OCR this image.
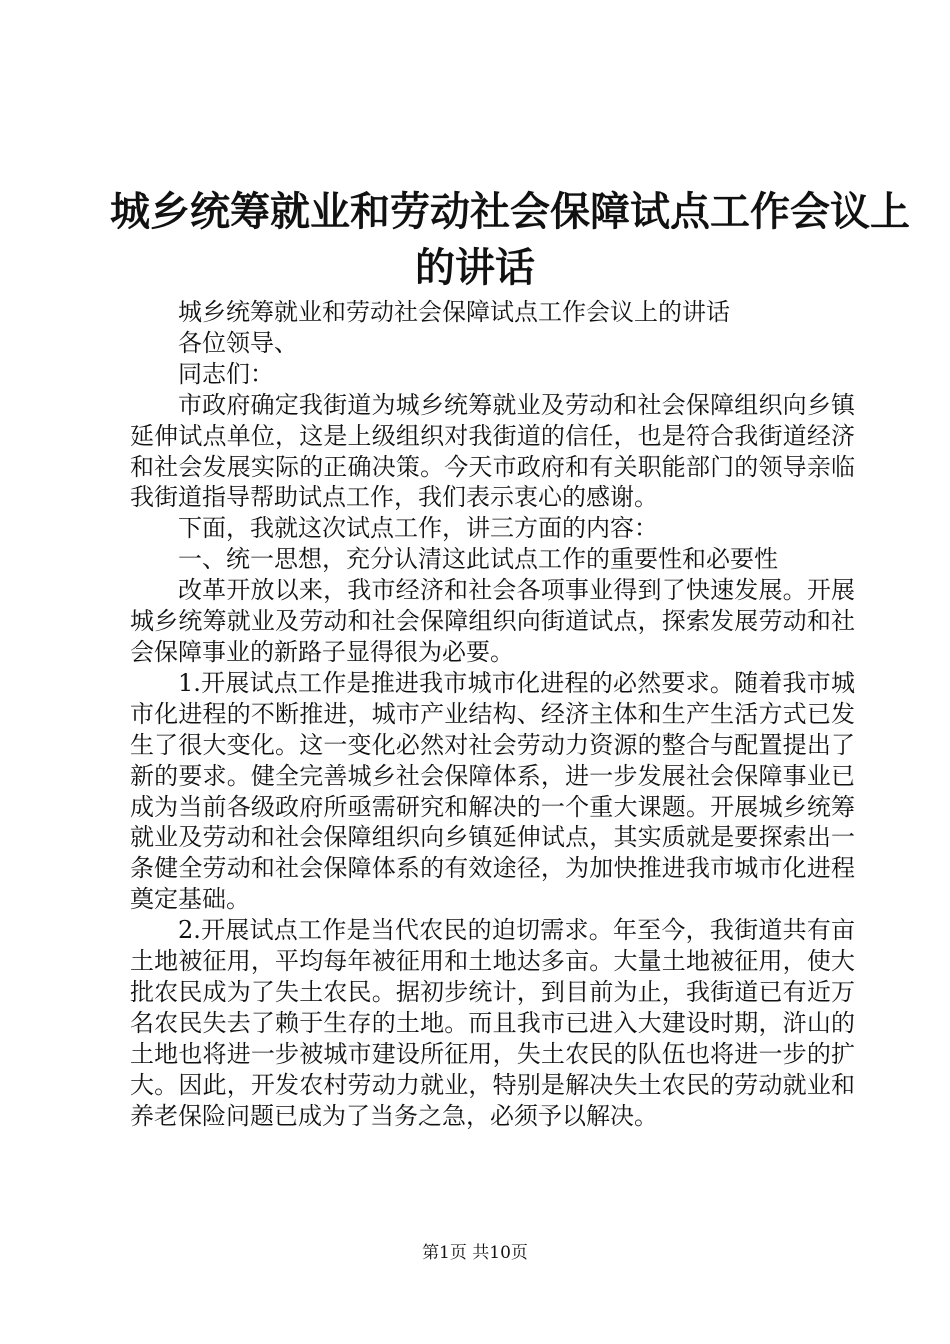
城乡统筹就业和劳动社会保障试点工作会议上
的讲话

城乡统筹就业和劳动社会保障试点工作会议上的讲话

各位领导、

同志们：

市政府确定我街道为城乡统筹就业及劳动和社会保障组织向乡镇延伸试点单位，这是上级组织对我街道的信任，也是符合我街道经济和社会发展实际的正确决策。今天市政府和有关职能部门的领导亲临我街道指导帮助试点工作，我们表示衷心的感谢。

下面，我就这次试点工作，讲三方面的内容：

一、统一思想，充分认清这此试点工作的重要性和必要性

改革开放以来，我市经济和社会各项事业得到了快速发展。开展城乡统筹就业及劳动和社会保障组织向街道试点，探索发展劳动和社会保障事业的新路子显得很为必要。

1.开展试点工作是推进我市城市化进程的必然要求。随着我市城市化进程的不断推进，城市产业结构、经济主体和生产生活方式已发生了很大变化。这一变化必然对社会劳动力资源的整合与配置提出了新的要求。健全完善城乡社会保障体系，进一步发展社会保障事业已成为当前各级政府所亟需研究和解决的一个重大课题。开展城乡统筹就业及劳动和社会保障组织向乡镇延伸试点，其实质就是要探索出一条健全劳动和社会保障体系的有效途径，为加快推进我市城市化进程奠定基础。

2.开展试点工作是当代农民的迫切需求。年至今，我街道共有亩土地被征用，平均每年被征用和土地达多亩。大量土地被征用，使大批农民成为了失土农民。据初步统计，到目前为止，我街道已有近万名农民失去了赖于生存的土地。而且我市已进入大建设时期，浒山的土地也将进一步被城市建设所征用，失土农民的队伍也将进一步的扩大。因此，开发农村劳动力就业，特别是解决失土农民的劳动就业和养老保险问题已成为了当务之急，必须予以解决。

第1页 共10页
